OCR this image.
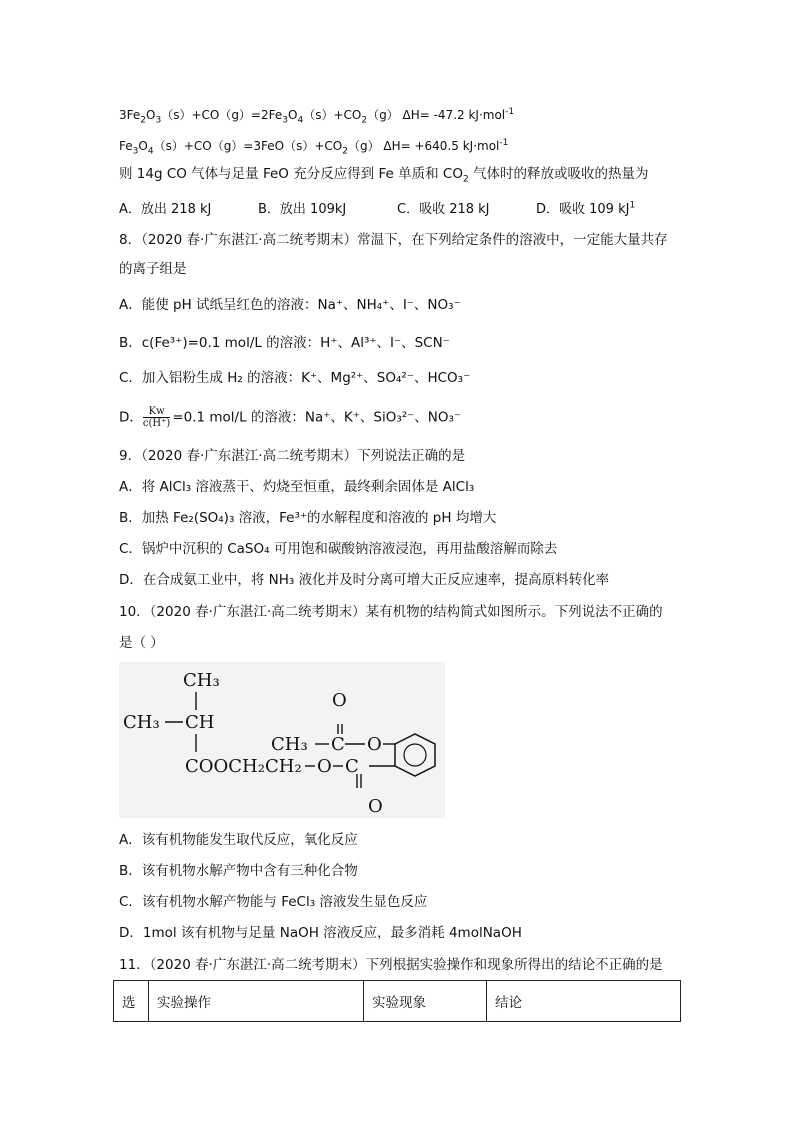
$3Fe_2O_3(s)+CO(g)=2Fe_3O_4(s)+CO_2(g)$ ΔH= -47.2 kJ·mol$^{-1}$
$Fe_3O_4(s)+CO(g)=3FeO(s)+CO_2(g)$ ΔH= +640.5 kJ·mol$^{-1}$
则 14g CO 气体与足量 FeO 充分反应得到 Fe 单质和 $CO_2$ 气体时的释放或吸收的热量为
A．放出 218 kJ	B．放出 109kJ	C．吸收 218 kJ	D．吸收 109 $kJ^1$
8．（2020 春·广东湛江·高二统考期末）常温下，在下列给定条件的溶液中，一定能大量共存
的离子组是
A．能使 pH 试纸呈红色的溶液：Na⁺、NH₄⁺、I⁻、NO₃⁻
B．c(Fe³⁺)=0.1 mol/L 的溶液：H⁺、Al³⁺、I⁻、SCN⁻
C．加入铝粉生成 H₂ 的溶液：K⁺、Mg²⁺、SO₄²⁻、HCO₃⁻
D． $\frac{Kw}{c(H^+)} =0.1$ mol/L 的溶液：Na⁺、K⁺、SiO₃²⁻、NO₃⁻
9．（2020 春·广东湛江·高二统考期末）下列说法正确的是
A．将 AlCl₃ 溶液蒸干、灼烧至恒重，最终剩余固体是 AlCl₃
B．加热 Fe₂(SO₄)₃ 溶液，Fe³⁺的水解程度和溶液的 pH 均增大
C．锅炉中沉积的 CaSO₄ 可用饱和碳酸钠溶液浸泡，再用盐酸溶解而除去
D．在合成氨工业中，将 NH₃ 液化并及时分离可增大正反应速率，提高原料转化率
10．（2020 春·广东湛江·高二统考期末）某有机物的结构简式如图所示。下列说法不正确的
是（ ）
CH₃
CH₃ CH
COOCH₂CH₂ O C
O
CH₃ C
O
O
A．该有机物能发生取代反应，氧化反应
B．该有机物水解产物中含有三种化合物
C．该有机物水解产物能与 FeCl₃ 溶液发生显色反应
D．1mol 该有机物与足量 NaOH 溶液反应，最多消耗 4molNaOH
11．（2020 春·广东湛江·高二统考期末）下列根据实验操作和现象所得出的结论不正确的是
选	实验操作	实验现象	结论
